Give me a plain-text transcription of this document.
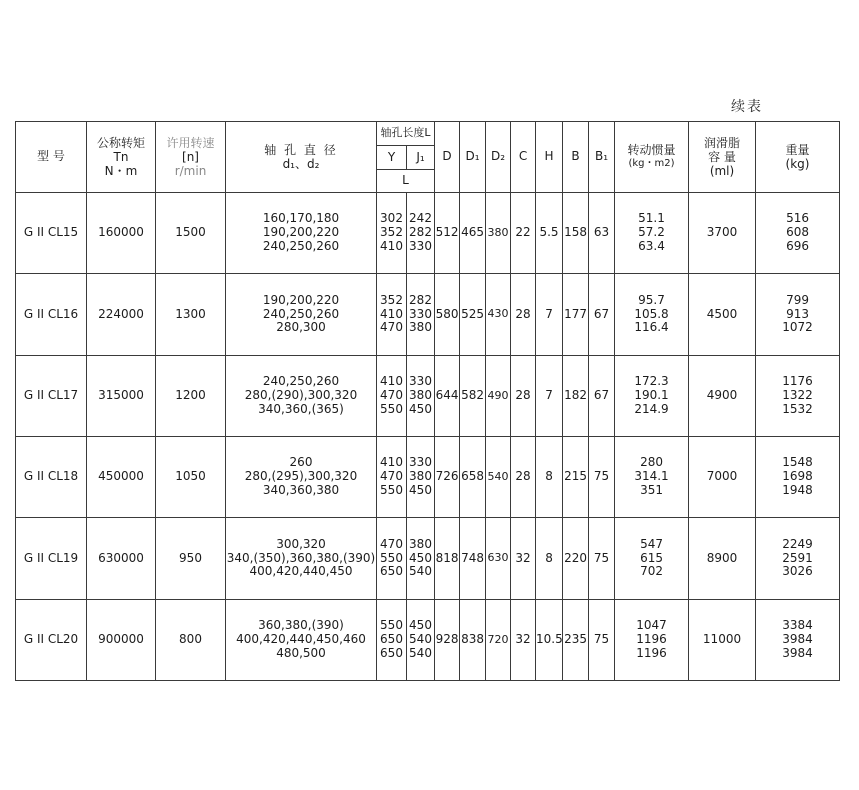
续表
型 号	公称转矩
Tn
N・m	许用转速
[n]
r/min	轴 孔 直 径
d₁、d₂	轴孔长度L		D	D₁	D₂	C	H	B	B₁	转动惯量
(kg・m2)	润滑脂
容 量
(ml)	重量
(kg)

				Y	J₁										
				L											
G II CL15	160000	1500	160,170,180
190,200,220
240,250,260	302
352
410	242
282
330	512	465	380	22	5.5	158	63	51.1
57.2
63.4	3700	516
608
696

G II CL16	224000	1300	190,200,220
240,250,260
280,300	352
410
470	282
330
380	580	525	430	28	7	177	67	95.7
105.8
116.4	4500	799
913
1072

G II CL17	315000	1200	240,250,260
280,(290),300,320
340,360,(365)	410
470
550	330
380
450	644	582	490	28	7	182	67	172.3
190.1
214.9	4900	1176
1322
1532

G II CL18	450000	1050	260
280,(295),300,320
340,360,380	410
470
550	330
380
450	726	658	540	28	8	215	75	280
314.1
351	7000	1548
1698
1948

G II CL19	630000	950	300,320
340,(350),360,380,(390)
400,420,440,450	470
550
650	380
450
540	818	748	630	32	8	220	75	547
615
702	8900	2249
2591
3026

G II CL20	900000	800	360,380,(390)
400,420,440,450,460
480,500	550
650
650	450
540
540	928	838	720	32	10.5	235	75	1047
1196
1196	11000	3384
3984
3984
